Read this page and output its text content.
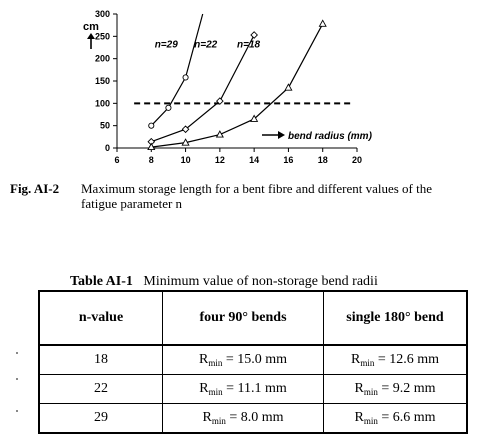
6	8	10	12	14	16	18	20
0
50
100
150
200
250
300
n=29 n=22 n=18
cm
bend radius (mm)
Fig. AI-2 Maximum storage length for a bent fibre and different values of the fatigue parameter n
Table AI-1 Minimum value of non-storage bend radii
n-value	four 90° bends	single 180° bend
18	$R_{min} = 15.0$ mm	$R_{min} = 12.6$ mm
22	$R_{min} = 11.1$ mm	$R_{min} = 9.2$ mm
29	$R_{min} = 8.0$ mm	$R_{min} = 6.6$ mm
